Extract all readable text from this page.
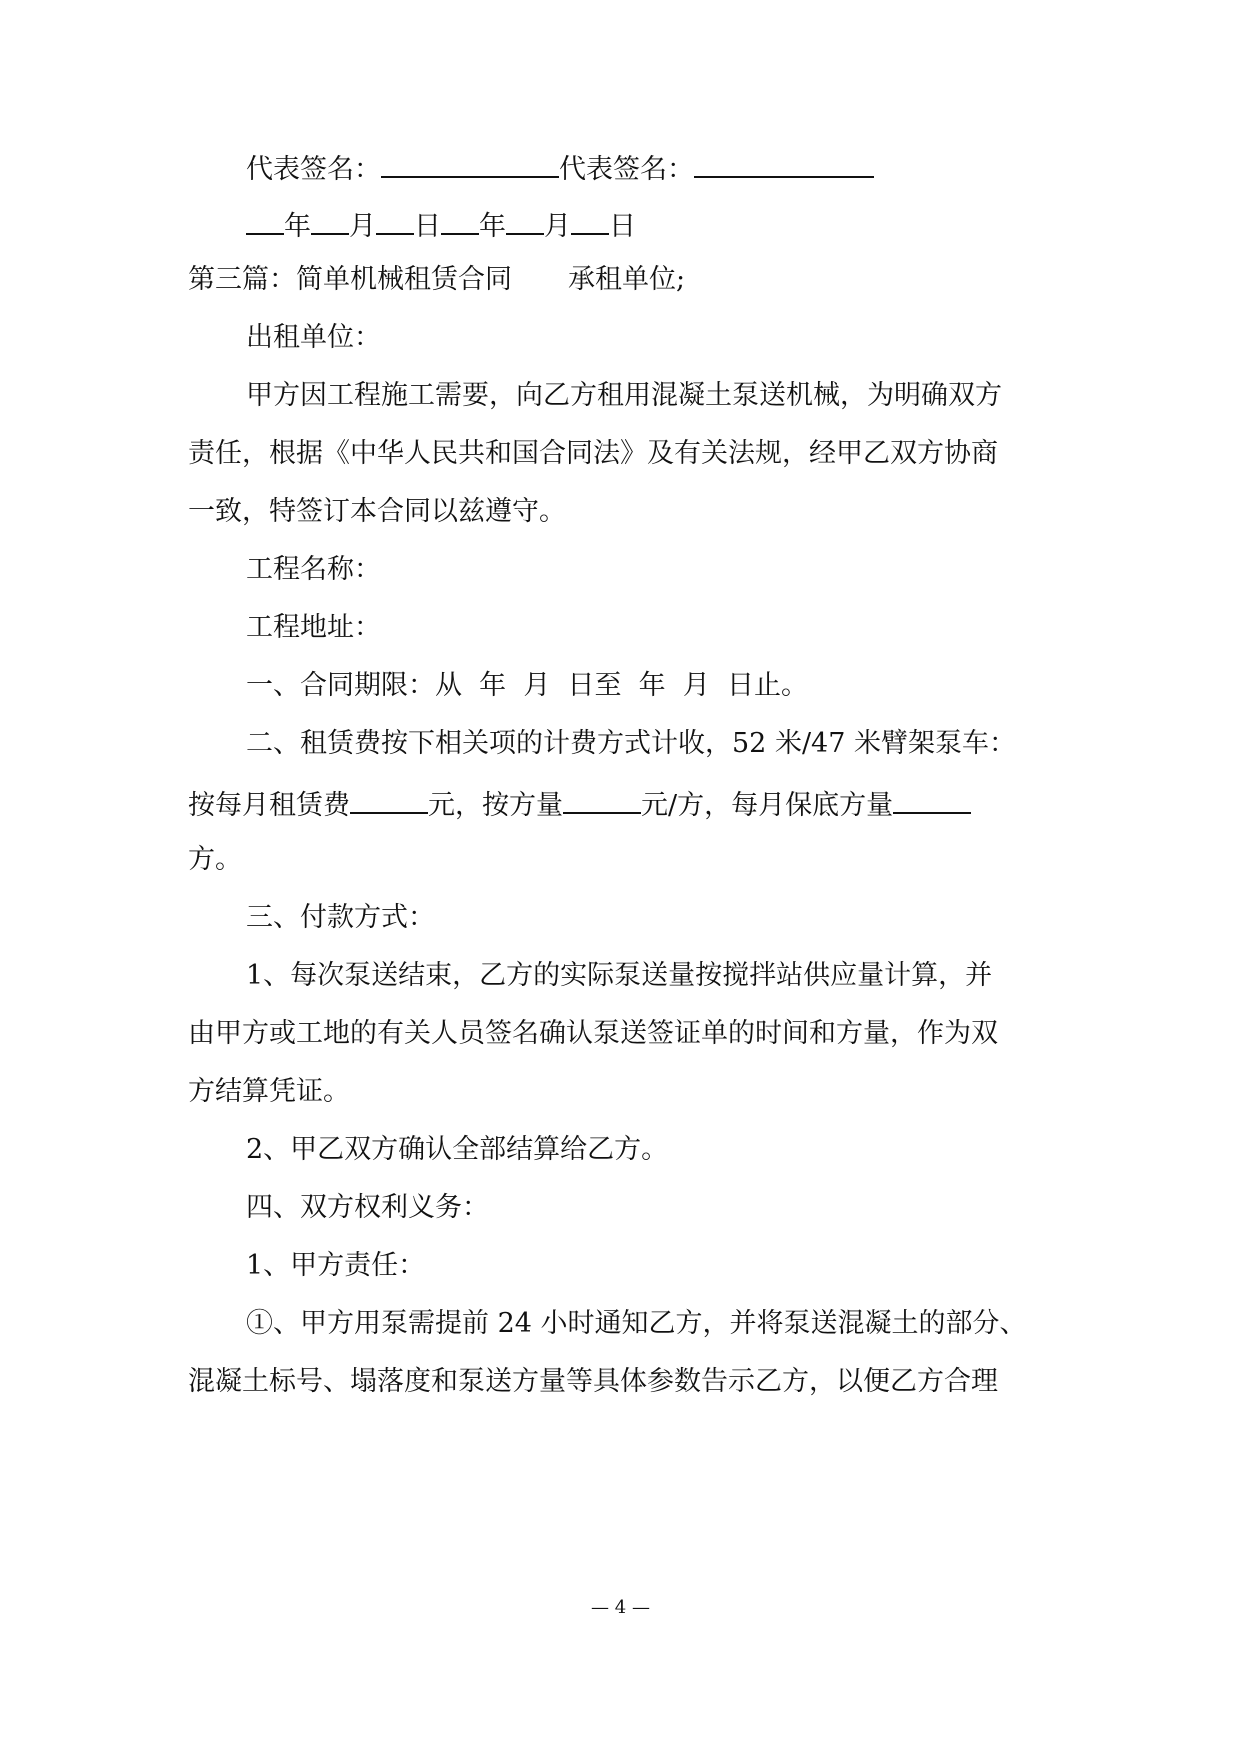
代表签名：	代表签名：
年 月 日 年 月 日
第三篇：简单机械租赁合同 承租单位;
出租单位：
甲方因工程施工需要，向乙方租用混凝土泵送机械，为明确双方
责任，根据《中华人民共和国合同法》及有关法规，经甲乙双方协商
一致，特签订本合同以兹遵守。
工程名称：
工程地址：
一、合同期限：从  年  月  日至  年  月  日止。
二、租赁费按下相关项的计费方式计收，52 米/47 米臂架泵车：
按每月租赁费	元，按方量	元/方，每月保底方量
方。
三、付款方式：
1、每次泵送结束，乙方的实际泵送量按搅拌站供应量计算，并
由甲方或工地的有关人员签名确认泵送签证单的时间和方量，作为双
方结算凭证。
2、甲乙双方确认全部结算给乙方。
四、双方权利义务：
1、甲方责任：
①、甲方用泵需提前 24 小时通知乙方，并将泵送混凝土的部分、
混凝土标号、塌落度和泵送方量等具体参数告示乙方，以便乙方合理
— 4 —
